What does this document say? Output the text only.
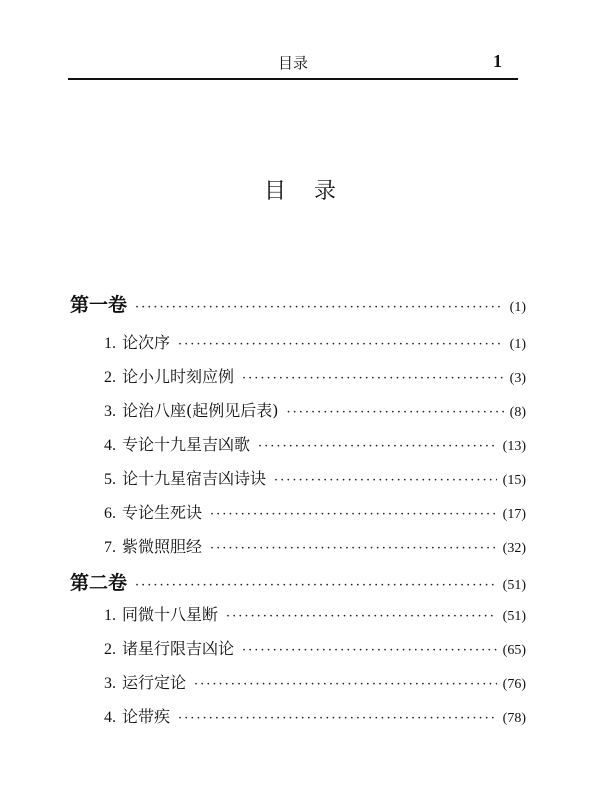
目录	1
目录
第一卷 ·····	(1)
1. 论次序 ·····	(1)
2. 论小儿时刻应例 ·····	(3)
3. 论治八座(起例见后表) ·····	(8)
4. 专论十九星吉凶歌 ·····	(13)
5. 论十九星宿吉凶诗诀 ·····	(15)
6. 专论生死诀 ·····	(17)
7. 紫微照胆经 ·····	(32)
第二卷 ·····	(51)
1. 同微十八星断 ·····	(51)
2. 诸星行限吉凶论 ·····	(65)
3. 运行定论 ·····	(76)
4. 论带疾 ·····	(78)
